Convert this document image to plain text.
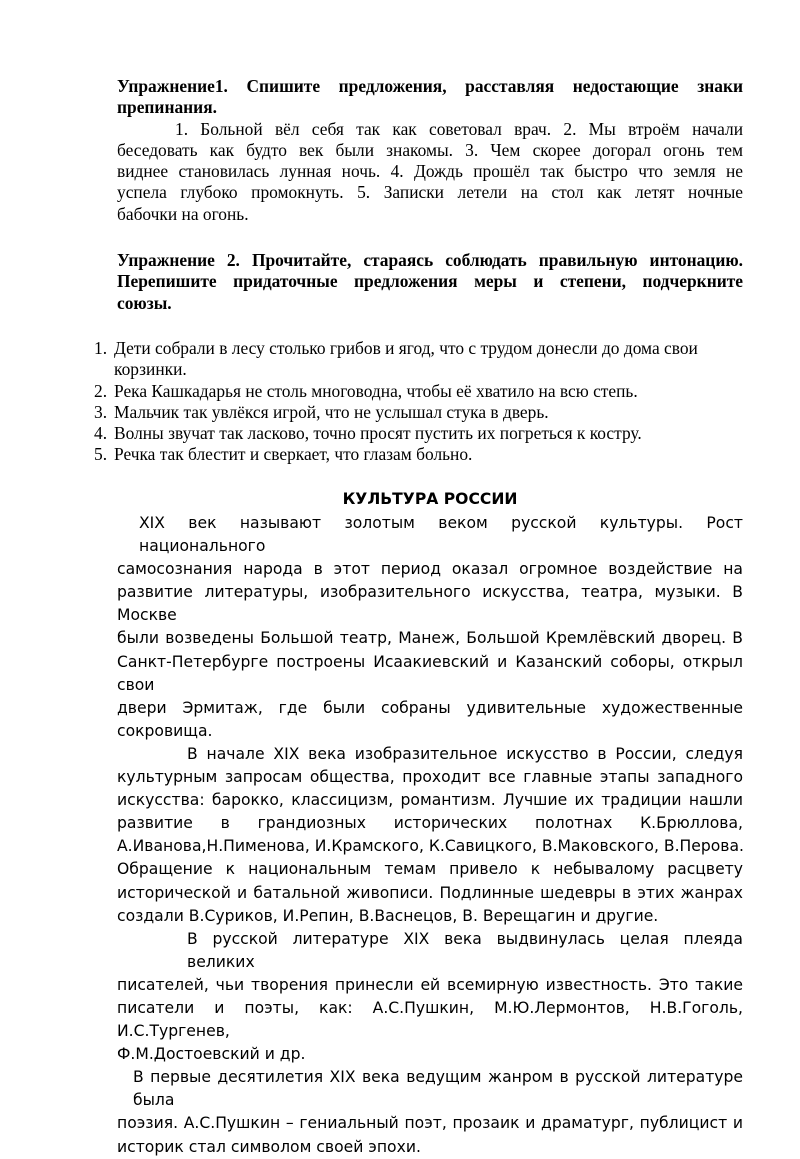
Упражнение1. Спишите предложения, расставляя недостающие знаки
препинания.
1. Больной вёл себя так как советовал врач. 2. Мы втроём начали
беседовать как будто век были знакомы. 3. Чем скорее догорал огонь тем
виднее становилась лунная ночь. 4. Дождь прошёл так быстро что земля не
успела глубоко промокнуть. 5. Записки летели на стол как летят ночные
бабочки на огонь.
Упражнение 2. Прочитайте, стараясь соблюдать правильную интонацию.
Перепишите придаточные предложения меры и степени, подчеркните
союзы.
1. Дети собрали в лесу столько грибов и ягод, что с трудом донесли до дома свои
корзинки.
2. Река Кашкадарья не столь многоводна, чтобы её хватило на всю степь.
3. Мальчик так увлёкся игрой, что не услышал стука в дверь.
4. Волны звучат так ласково, точно просят пустить их погреться к костру.
5. Речка так блестит и сверкает, что глазам больно.
КУЛЬТУРА РОССИИ
XIX век называют золотым веком русской культуры. Рост национального
самосознания народа в этот период оказал огромное воздействие на
развитие литературы, изобразительного искусства, театра, музыки. В Москве
были возведены Большой театр, Манеж, Большой Кремлёвский дворец. В
Санкт-Петербурге построены Исаакиевский и Казанский соборы, открыл свои
двери Эрмитаж, где были собраны удивительные художественные
сокровища.
В начале XIX века изобразительное искусство в России, следуя
культурным запросам общества, проходит все главные этапы западного
искусства: барокко, классицизм, романтизм. Лучшие их традиции нашли
развитие в грандиозных исторических полотнах К.Брюллова,
А.Иванова,Н.Пименова, И.Крамского, К.Савицкого, В.Маковского, В.Перова.
Обращение к национальным темам привело к небывалому расцвету
исторической и батальной живописи. Подлинные шедевры в этих жанрах
создали В.Суриков, И.Репин, В.Васнецов, В. Верещагин и другие.
В русской литературе XIX века выдвинулась целая плеяда великих
писателей, чьи творения принесли ей всемирную известность. Это такие
писатели и поэты, как: А.С.Пушкин, М.Ю.Лермонтов, Н.В.Гоголь, И.С.Тургенев,
Ф.М.Достоевский и др.
В первые десятилетия XIX века ведущим жанром в русской литературе была
поэзия. А.С.Пушкин – гениальный поэт, прозаик и драматург, публицист и
историк стал символом своей эпохи.
